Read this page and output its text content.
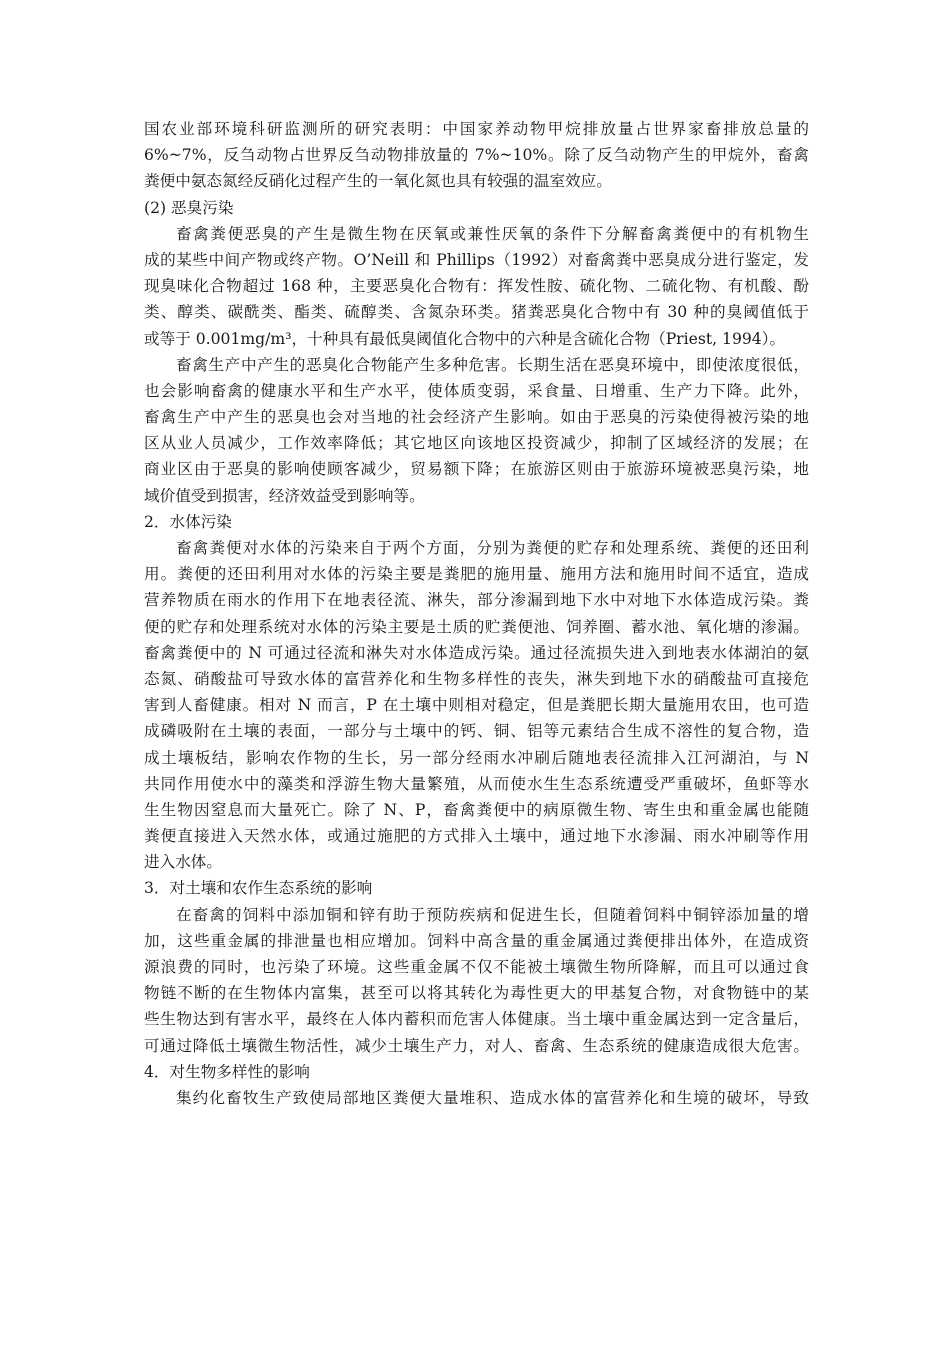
国农业部环境科研监测所的研究表明：中国家养动物甲烷排放量占世界家畜排放总量的
6%~7%，反刍动物占世界反刍动物排放量的 7%~10%。除了反刍动物产生的甲烷外，畜禽
粪便中氨态氮经反硝化过程产生的一氧化氮也具有较强的温室效应。
(2) 恶臭污染
畜禽粪便恶臭的产生是微生物在厌氧或兼性厌氧的条件下分解畜禽粪便中的有机物生
成的某些中间产物或终产物。O’Neill 和 Phillips（1992）对畜禽粪中恶臭成分进行鉴定，发
现臭味化合物超过 168 种，主要恶臭化合物有：挥发性胺、硫化物、二硫化物、有机酸、酚
类、醇类、碳酰类、酯类、硫醇类、含氮杂环类。猪粪恶臭化合物中有 30 种的臭阈值低于
或等于 0.001mg/m³，十种具有最低臭阈值化合物中的六种是含硫化合物（Priest, 1994）。
畜禽生产中产生的恶臭化合物能产生多种危害。长期生活在恶臭环境中，即使浓度很低，
也会影响畜禽的健康水平和生产水平，使体质变弱，采食量、日增重、生产力下降。此外，
畜禽生产中产生的恶臭也会对当地的社会经济产生影响。如由于恶臭的污染使得被污染的地
区从业人员减少，工作效率降低；其它地区向该地区投资减少，抑制了区域经济的发展；在
商业区由于恶臭的影响使顾客减少，贸易额下降；在旅游区则由于旅游环境被恶臭污染，地
域价值受到损害，经济效益受到影响等。
2．水体污染
畜禽粪便对水体的污染来自于两个方面，分别为粪便的贮存和处理系统、粪便的还田利
用。粪便的还田利用对水体的污染主要是粪肥的施用量、施用方法和施用时间不适宜，造成
营养物质在雨水的作用下在地表径流、淋失，部分渗漏到地下水中对地下水体造成污染。粪
便的贮存和处理系统对水体的污染主要是土质的贮粪便池、饲养圈、蓄水池、氧化塘的渗漏。
畜禽粪便中的 N 可通过径流和淋失对水体造成污染。通过径流损失进入到地表水体湖泊的氨
态氮、硝酸盐可导致水体的富营养化和生物多样性的丧失，淋失到地下水的硝酸盐可直接危
害到人畜健康。相对 N 而言，P 在土壤中则相对稳定，但是粪肥长期大量施用农田，也可造
成磷吸附在土壤的表面，一部分与土壤中的钙、铜、铝等元素结合生成不溶性的复合物，造
成土壤板结，影响农作物的生长，另一部分经雨水冲刷后随地表径流排入江河湖泊，与 N
共同作用使水中的藻类和浮游生物大量繁殖，从而使水生生态系统遭受严重破坏，鱼虾等水
生生物因窒息而大量死亡。除了 N、P，畜禽粪便中的病原微生物、寄生虫和重金属也能随
粪便直接进入天然水体，或通过施肥的方式排入土壤中，通过地下水渗漏、雨水冲刷等作用
进入水体。
3．对土壤和农作生态系统的影响
在畜禽的饲料中添加铜和锌有助于预防疾病和促进生长，但随着饲料中铜锌添加量的增
加，这些重金属的排泄量也相应增加。饲料中高含量的重金属通过粪便排出体外，在造成资
源浪费的同时，也污染了环境。这些重金属不仅不能被土壤微生物所降解，而且可以通过食
物链不断的在生物体内富集，甚至可以将其转化为毒性更大的甲基复合物，对食物链中的某
些生物达到有害水平，最终在人体内蓄积而危害人体健康。当土壤中重金属达到一定含量后，
可通过降低土壤微生物活性，减少土壤生产力，对人、畜禽、生态系统的健康造成很大危害。
4．对生物多样性的影响
集约化畜牧生产致使局部地区粪便大量堆积、造成水体的富营养化和生境的破坏，导致
